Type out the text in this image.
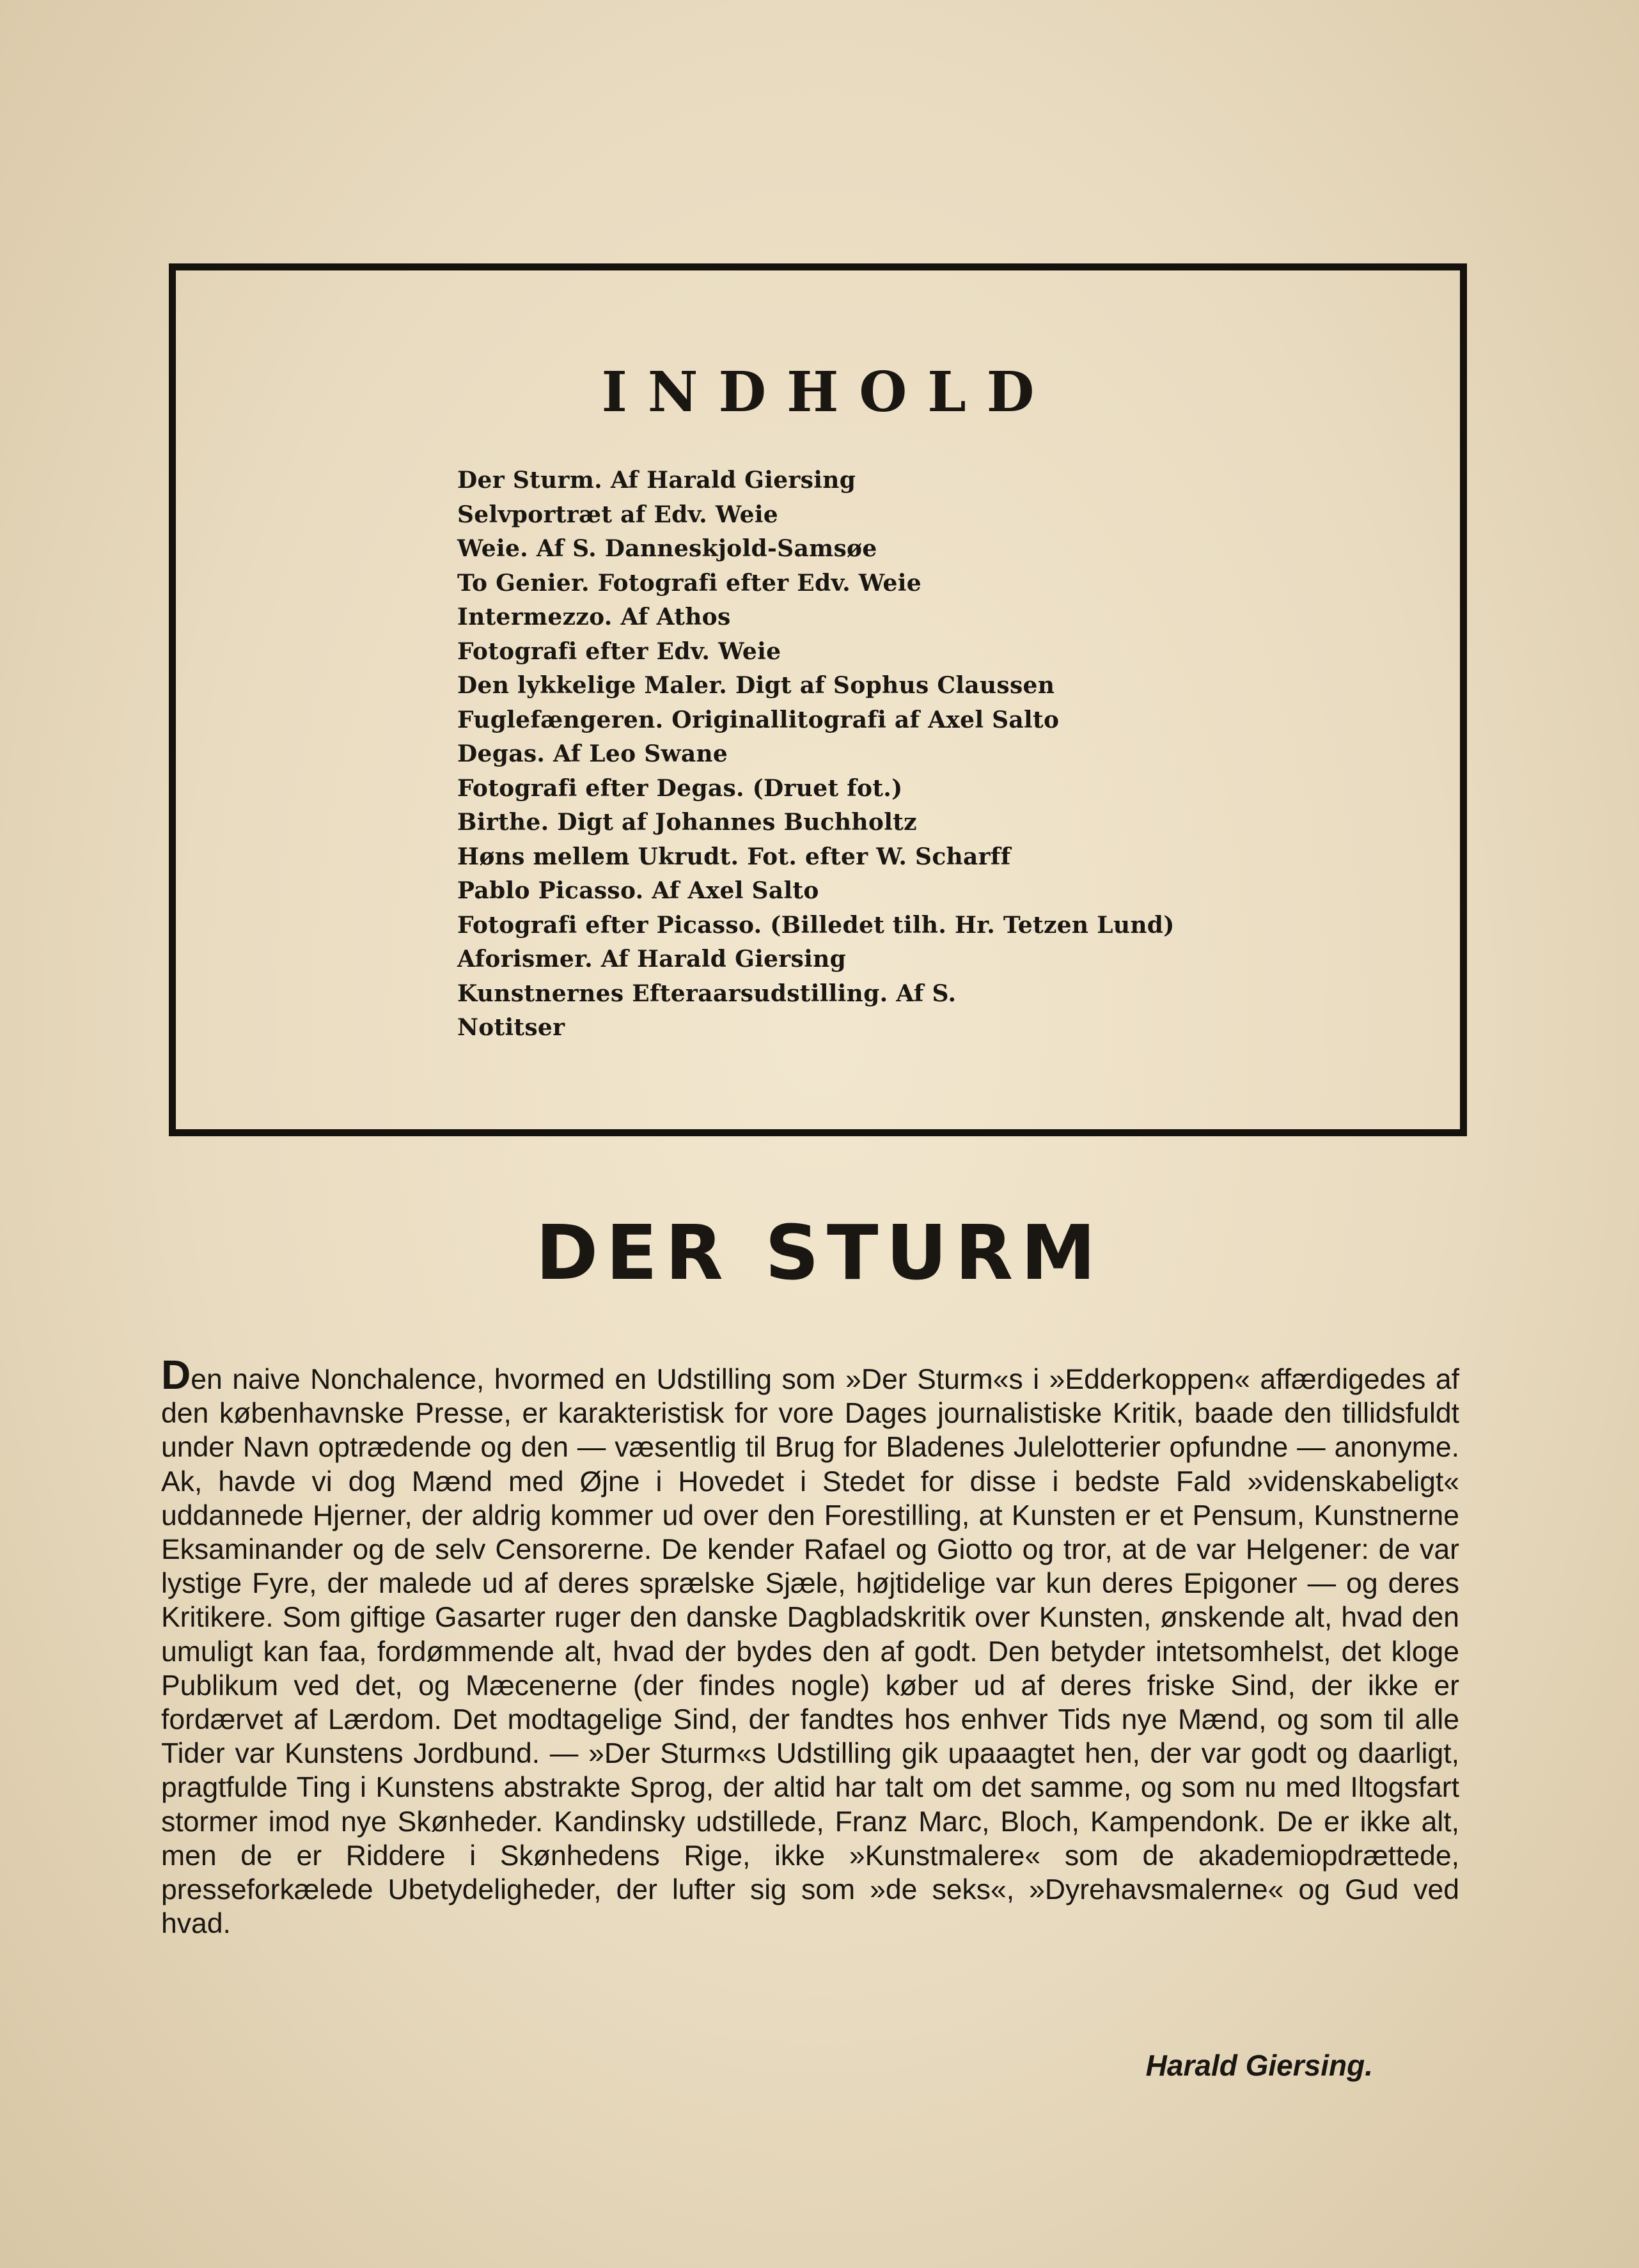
INDHOLD
Der Sturm. Af Harald Giersing
Selvportræt af Edv. Weie
Weie. Af S. Danneskjold-Samsøe
To Genier. Fotografi efter Edv. Weie
Intermezzo. Af Athos
Fotografi efter Edv. Weie
Den lykkelige Maler. Digt af Sophus Claussen
Fuglefængeren. Originallitografi af Axel Salto
Degas. Af Leo Swane
Fotografi efter Degas. (Druet fot.)
Birthe. Digt af Johannes Buchholtz
Høns mellem Ukrudt. Fot. efter W. Scharff
Pablo Picasso. Af Axel Salto
Fotografi efter Picasso. (Billedet tilh. Hr. Tetzen Lund)
Aforismer. Af Harald Giersing
Kunstnernes Efteraarsudstilling. Af S.
Notitser
DER STURM

Den naive Nonchalence, hvormed en Udstilling som »Der Sturm«s i »Edderkoppen« affærdigedes af den københavnske Presse, er karakteristisk for vore Dages journalistiske Kritik, baade den tillidsfuldt under Navn optrædende og den — væsentlig til Brug for Bladenes Julelotterier opfundne — anonyme. Ak, havde vi dog Mænd med Øjne i Hovedet i Stedet for disse i bedste Fald »videnskabeligt« uddannede Hjerner, der aldrig kommer ud over den Forestilling, at Kunsten er et Pensum, Kunstnerne Eksaminander og de selv Censorerne. De kender Rafael og Giotto og tror, at de var Helgener: de var lystige Fyre, der malede ud af deres sprælske Sjæle, højtidelige var kun deres Epigoner — og deres Kritikere. Som giftige Gasarter ruger den danske Dagbladskritik over Kunsten, ønskende alt, hvad den umuligt kan faa, fordømmende alt, hvad der bydes den af godt. Den betyder intetsomhelst, det kloge Publikum ved det, og Mæcenerne (der findes nogle) køber ud af deres friske Sind, der ikke er fordærvet af Lærdom. Det modtagelige Sind, der fandtes hos enhver Tids nye Mænd, og som til alle Tider var Kunstens Jordbund. — »Der Sturm«s Udstilling gik upaaagtet hen, der var godt og daarligt, pragtfulde Ting i Kunstens abstrakte Sprog, der altid har talt om det samme, og som nu med Iltogsfart stormer imod nye Skønheder. Kandinsky udstillede, Franz Marc, Bloch, Kampendonk. De er ikke alt, men de er Riddere i Skønhedens Rige, ikke »Kunstmalere« som de akademiopdrættede, presseforkælede Ubetydeligheder, der lufter sig som »de seks«, »Dyrehavsmalerne« og Gud ved hvad.

Harald Giersing.
